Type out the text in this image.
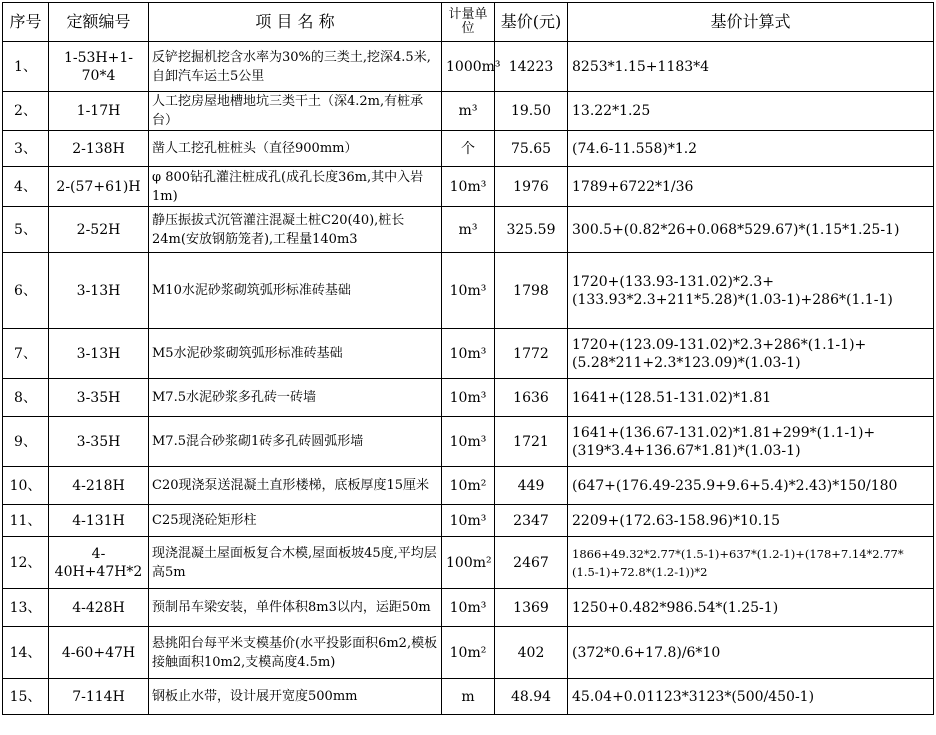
序号	定额编号	项 目 名 称	计量单位	基价(元)	基价计算式
1、	1-53H+1-70*4	反铲挖掘机挖含水率为30%的三类土,挖深4.5米,自卸汽车运土5公里	1000m³	14223	8253*1.15+1183*4
2、	1-17H	人工挖房屋地槽地坑三类干土（深4.2m,有桩承台）	m³	19.50	13.22*1.25
3、	2-138H	凿人工挖孔桩桩头（直径900mm）	个	75.65	(74.6-11.558)*1.2
4、	2-(57+61)H	φ 800钻孔灌注桩成孔(成孔长度36m,其中入岩1m)	10m³	1976	1789+6722*1/36
5、	2-52H	静压振拔式沉管灌注混凝土桩C20(40),桩长24m(安放钢筋笼者),工程量140m3	m³	325.59	300.5+(0.82*26+0.068*529.67)*(1.15*1.25-1)
6、	3-13H	M10水泥砂浆砌筑弧形标准砖基础	10m³	1798	1720+(133.93-131.02)*2.3+(133.93*2.3+211*5.28)*(1.03-1)+286*(1.1-1)
7、	3-13H	M5水泥砂浆砌筑弧形标准砖基础	10m³	1772	1720+(123.09-131.02)*2.3+286*(1.1-1)+(5.28*211+2.3*123.09)*(1.03-1)
8、	3-35H	M7.5水泥砂浆多孔砖一砖墙	10m³	1636	1641+(128.51-131.02)*1.81
9、	3-35H	M7.5混合砂浆砌1砖多孔砖圆弧形墙	10m³	1721	1641+(136.67-131.02)*1.81+299*(1.1-1)+(319*3.4+136.67*1.81)*(1.03-1)
10、	4-218H	C20现浇泵送混凝土直形楼梯，底板厚度15厘米	10m²	449	(647+(176.49-235.9+9.6+5.4)*2.43)*150/180
11、	4-131H	C25现浇砼矩形柱	10m³	2347	2209+(172.63-158.96)*10.15
12、	4-40H+47H*2	现浇混凝土屋面板复合木模,屋面板坡45度,平均层高5m	100m²	2467	1866+49.32*2.77*(1.5-1)+637*(1.2-1)+(178+7.14*2.77*(1.5-1)+72.8*(1.2-1))*2
13、	4-428H	预制吊车梁安装，单件体积8m3以内，运距50m	10m³	1369	1250+0.482*986.54*(1.25-1)
14、	4-60+47H	悬挑阳台每平米支模基价(水平投影面积6m2,模板接触面积10m2,支模高度4.5m)	10m²	402	(372*0.6+17.8)/6*10
15、	7-114H	钢板止水带，设计展开宽度500mm	m	48.94	45.04+0.01123*3123*(500/450-1)
